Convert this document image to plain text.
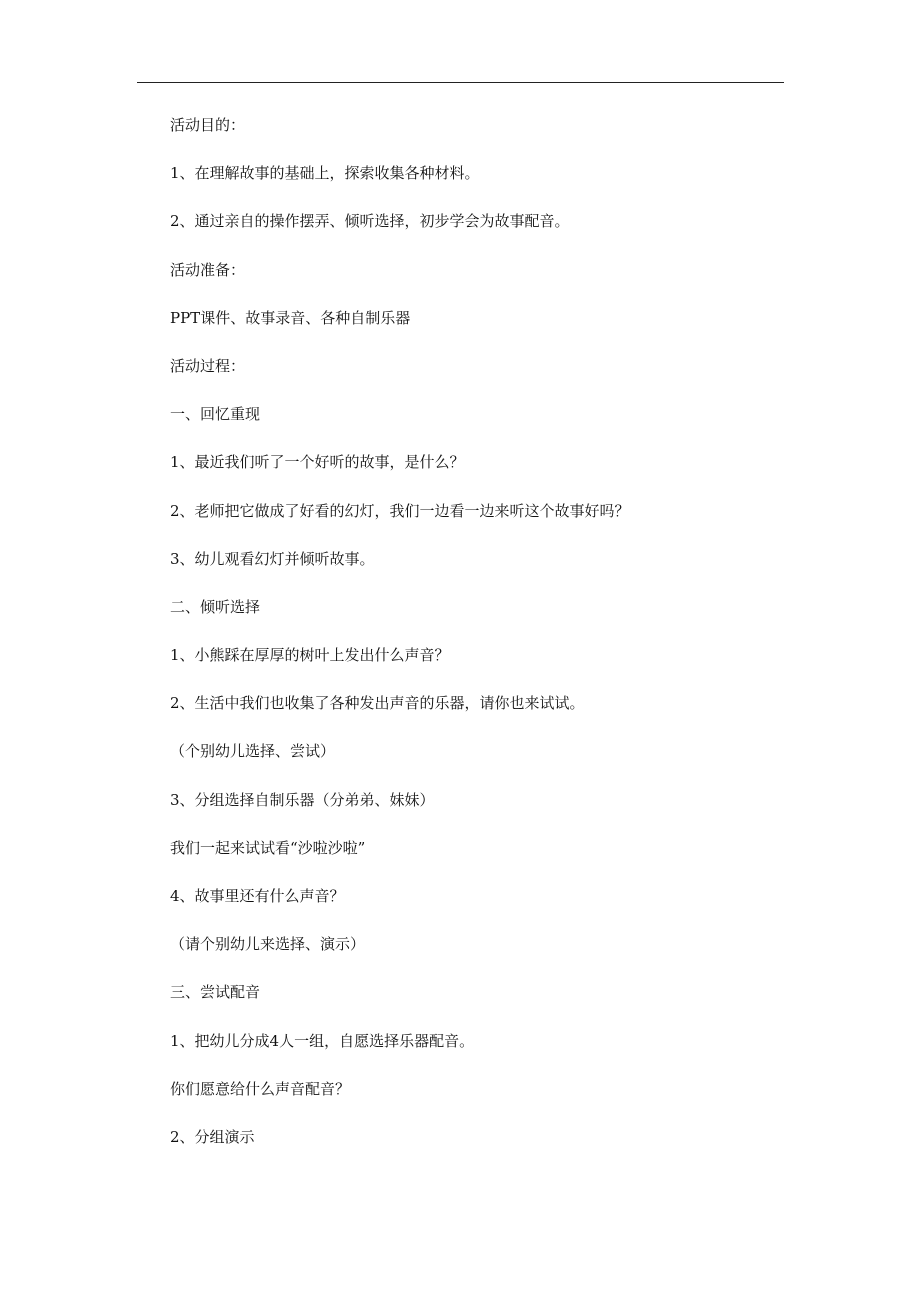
活动目的：
1、在理解故事的基础上，探索收集各种材料。
2、通过亲自的操作摆弄、倾听选择，初步学会为故事配音。
活动准备：
PPT课件、故事录音、各种自制乐器
活动过程：
一、回忆重现
1、最近我们听了一个好听的故事，是什么？
2、老师把它做成了好看的幻灯，我们一边看一边来听这个故事好吗？
3、幼儿观看幻灯并倾听故事。
二、倾听选择
1、小熊踩在厚厚的树叶上发出什么声音？
2、生活中我们也收集了各种发出声音的乐器，请你也来试试。
（个别幼儿选择、尝试）
3、分组选择自制乐器（分弟弟、妹妹）
我们一起来试试看“沙啦沙啦”
4、故事里还有什么声音？
（请个别幼儿来选择、演示）
三、尝试配音
1、把幼儿分成4人一组，自愿选择乐器配音。
你们愿意给什么声音配音？
2、分组演示
